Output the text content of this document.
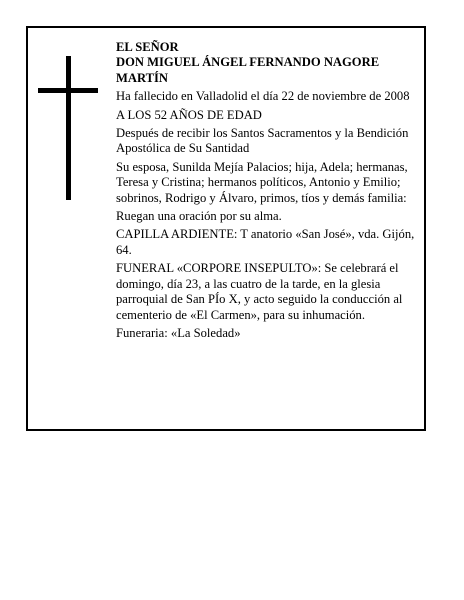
EL SEÑOR

DON MIGUEL ÁNGEL FERNANDO NAGORE MARTÍN

Ha fallecido en Valladolid el día 22 de noviembre de 2008

A LOS 52 AÑOS DE EDAD

Después de recibir los Santos Sacramentos y la Bendición Apostólica de Su Santidad

Su esposa, Sunilda Mejía Palacios; hija, Adela; hermanas, Teresa y Cristina; hermanos políticos, Antonio y Emilio; sobrinos, Rodrigo y Álvaro, primos, tíos y demás familia:

Ruegan una oración por su alma.

CAPILLA ARDIENTE: T anatorio «San José», vda. Gijón, 64.

FUNERAL «CORPORE INSEPULTO»: Se celebrará el domingo, día 23, a las cuatro de la tarde, en la glesia parroquial de San PÍo X, y acto seguido la conducción al cementerio de «El Carmen», para su inhumación.

Funeraria: «La Soledad»
